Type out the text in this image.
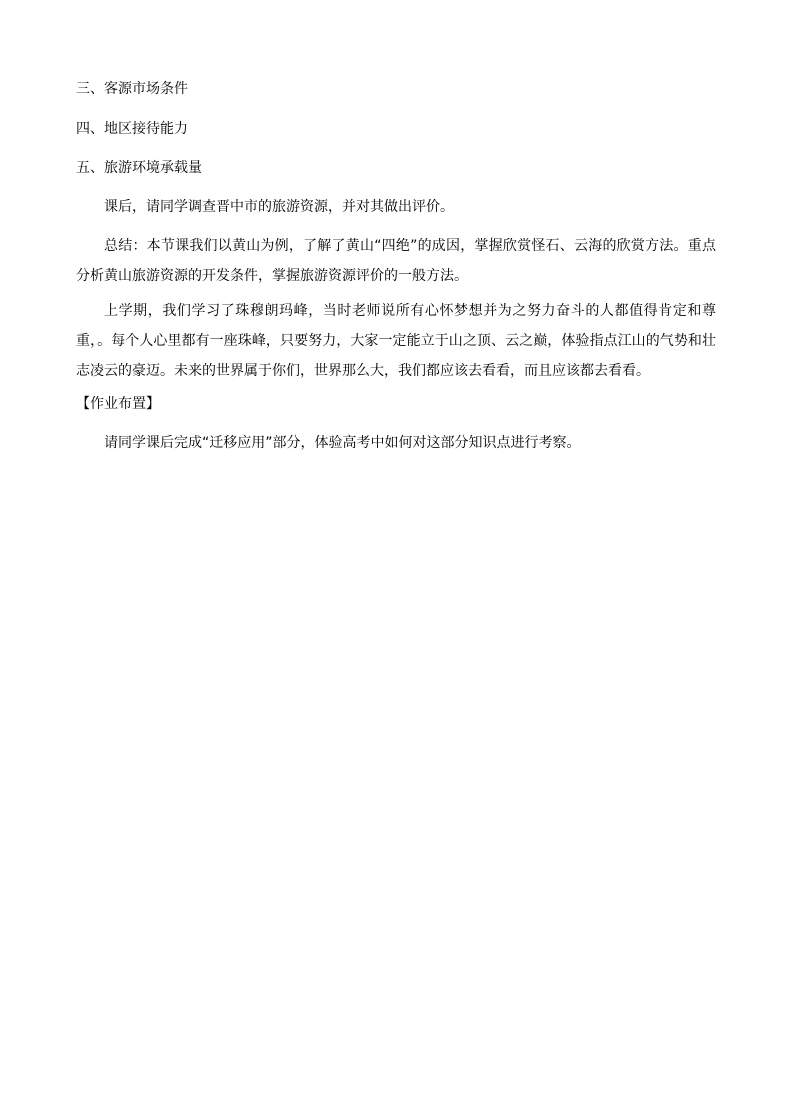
三、客源市场条件
四、地区接待能力
五、旅游环境承载量
课后，请同学调查晋中市的旅游资源，并对其做出评价。
总结：本节课我们以黄山为例，了解了黄山“四绝”的成因，掌握欣赏怪石、云海的欣赏方法。重点分析黄山旅游资源的开发条件，掌握旅游资源评价的一般方法。
上学期，我们学习了珠穆朗玛峰，当时老师说所有心怀梦想并为之努力奋斗的人都值得肯定和尊重，。每个人心里都有一座珠峰，只要努力，大家一定能立于山之顶、云之巅，体验指点江山的气势和壮志凌云的豪迈。未来的世界属于你们，世界那么大，我们都应该去看看，而且应该都去看看。
【作业布置】
请同学课后完成“迁移应用”部分，体验高考中如何对这部分知识点进行考察。
